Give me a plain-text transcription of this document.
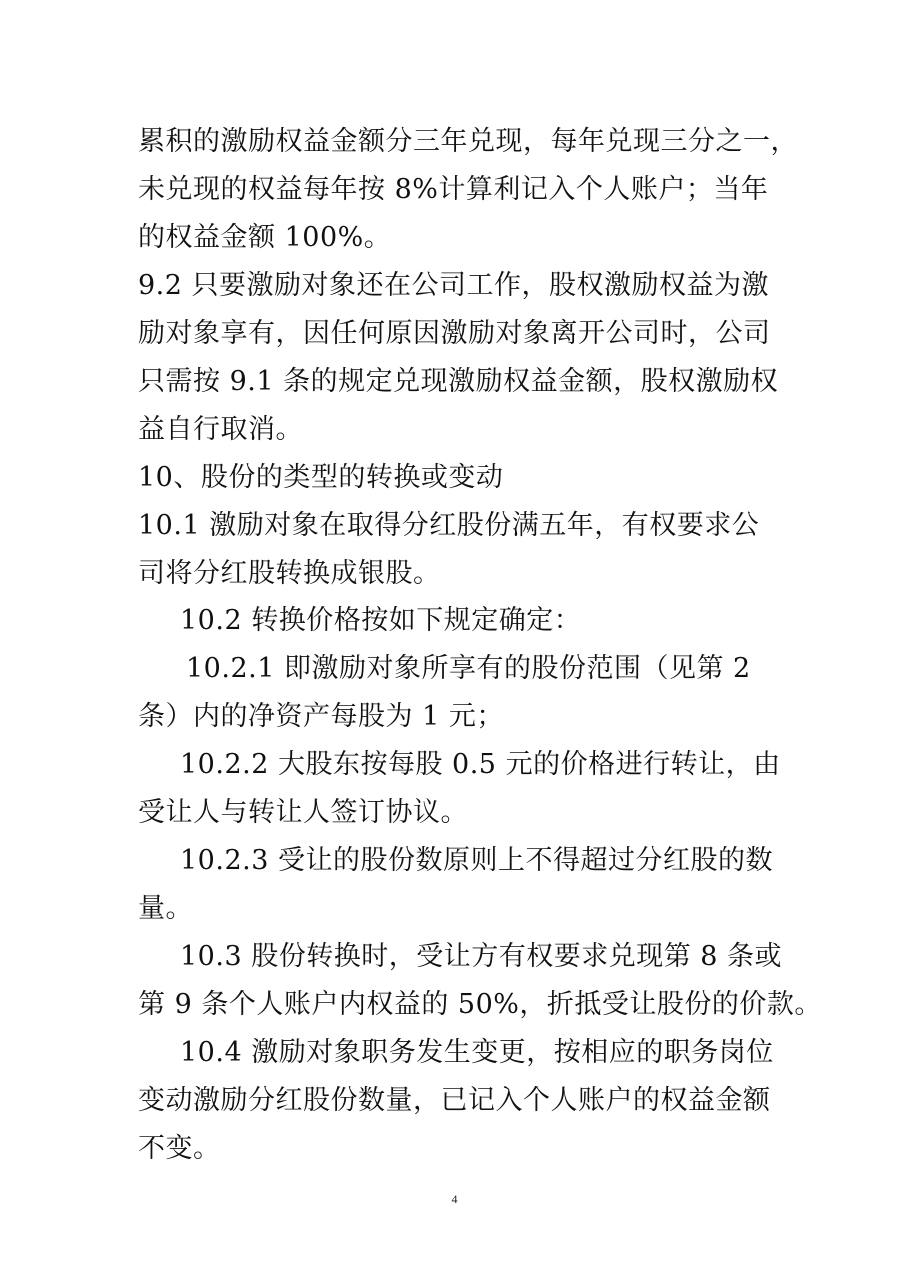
累积的激励权益金额分三年兑现，每年兑现三分之一，
未兑现的权益每年按 8%计算利记入个人账户；当年
的权益金额 100%。
9.2 只要激励对象还在公司工作，股权激励权益为激
励对象享有，因任何原因激励对象离开公司时，公司
只需按 9.1 条的规定兑现激励权益金额，股权激励权
益自行取消。
10、股份的类型的转换或变动
10.1 激励对象在取得分红股份满五年，有权要求公
司将分红股转换成银股。
10.2 转换价格按如下规定确定：
10.2.1 即激励对象所享有的股份范围（见第 2
条）内的净资产每股为 1 元；
10.2.2 大股东按每股 0.5 元的价格进行转让，由
受让人与转让人签订协议。
10.2.3 受让的股份数原则上不得超过分红股的数
量。
10.3 股份转换时，受让方有权要求兑现第 8 条或
第 9 条个人账户内权益的 50%，折抵受让股份的价款。
10.4 激励对象职务发生变更，按相应的职务岗位
变动激励分红股份数量，已记入个人账户的权益金额
不变。
4
